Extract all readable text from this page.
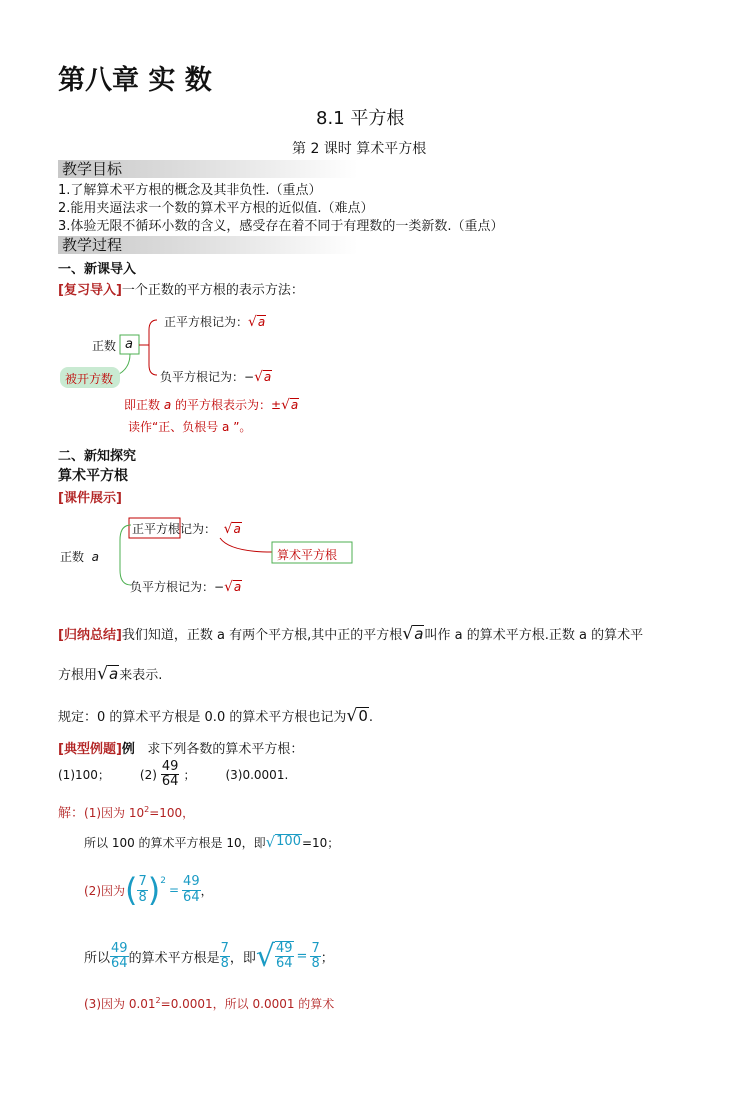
第八章 实 数
8.1 平方根
第 2 课时 算术平方根
教学目标
1.了解算术平方根的概念及其非负性.（重点）
2.能用夹逼法求一个数的算术平方根的近似值.（难点）
3.体验无限不循环小数的含义，感受存在着不同于有理数的一类新数.（重点）
教学过程
一、新课导入
[复习导入]一个正数的平方根的表示方法：
正数 a
被开方数
正平方根记为： √ a
负平方根记为：− √ a
即正数 a 的平方根表示为：± √ a
读作“正、负根号 a ”。
二、新知探究
算术平方根
[课件展示]
正数 a
正平方根记为： √ a
算术平方根
负平方根记为：− √ a
[归纳总结]我们知道，正数 a 有两个平方根,其中正的平方根 √ a 叫作 a 的算术平方根.正数 a 的算术平
方根用 √ a 来表示.
规定：0 的算术平方根是 0.0 的算术平方根也记为 √ 0 .
[典型例题]例 求下列各数的算术平方根：
(1)100；	$(2) \frac{49}{64}$ ；	(3)0.0001.
解：(1)因为 $10^2=100$，
所以 100 的算术平方根是 10，即 √ 100 =10；
(2)因为 ( $\frac{7}{8}$ ) 2
= $\frac{49}{64}$ ，
所以 $\frac{49}{64}$ 的算术平方根是 $\frac{7}{8}$ ，即 √ $\frac{49}{64} = \frac{7}{8}$ ；
(3)因为 $0.01^2=0.0001$，所以 0.0001 的算术
